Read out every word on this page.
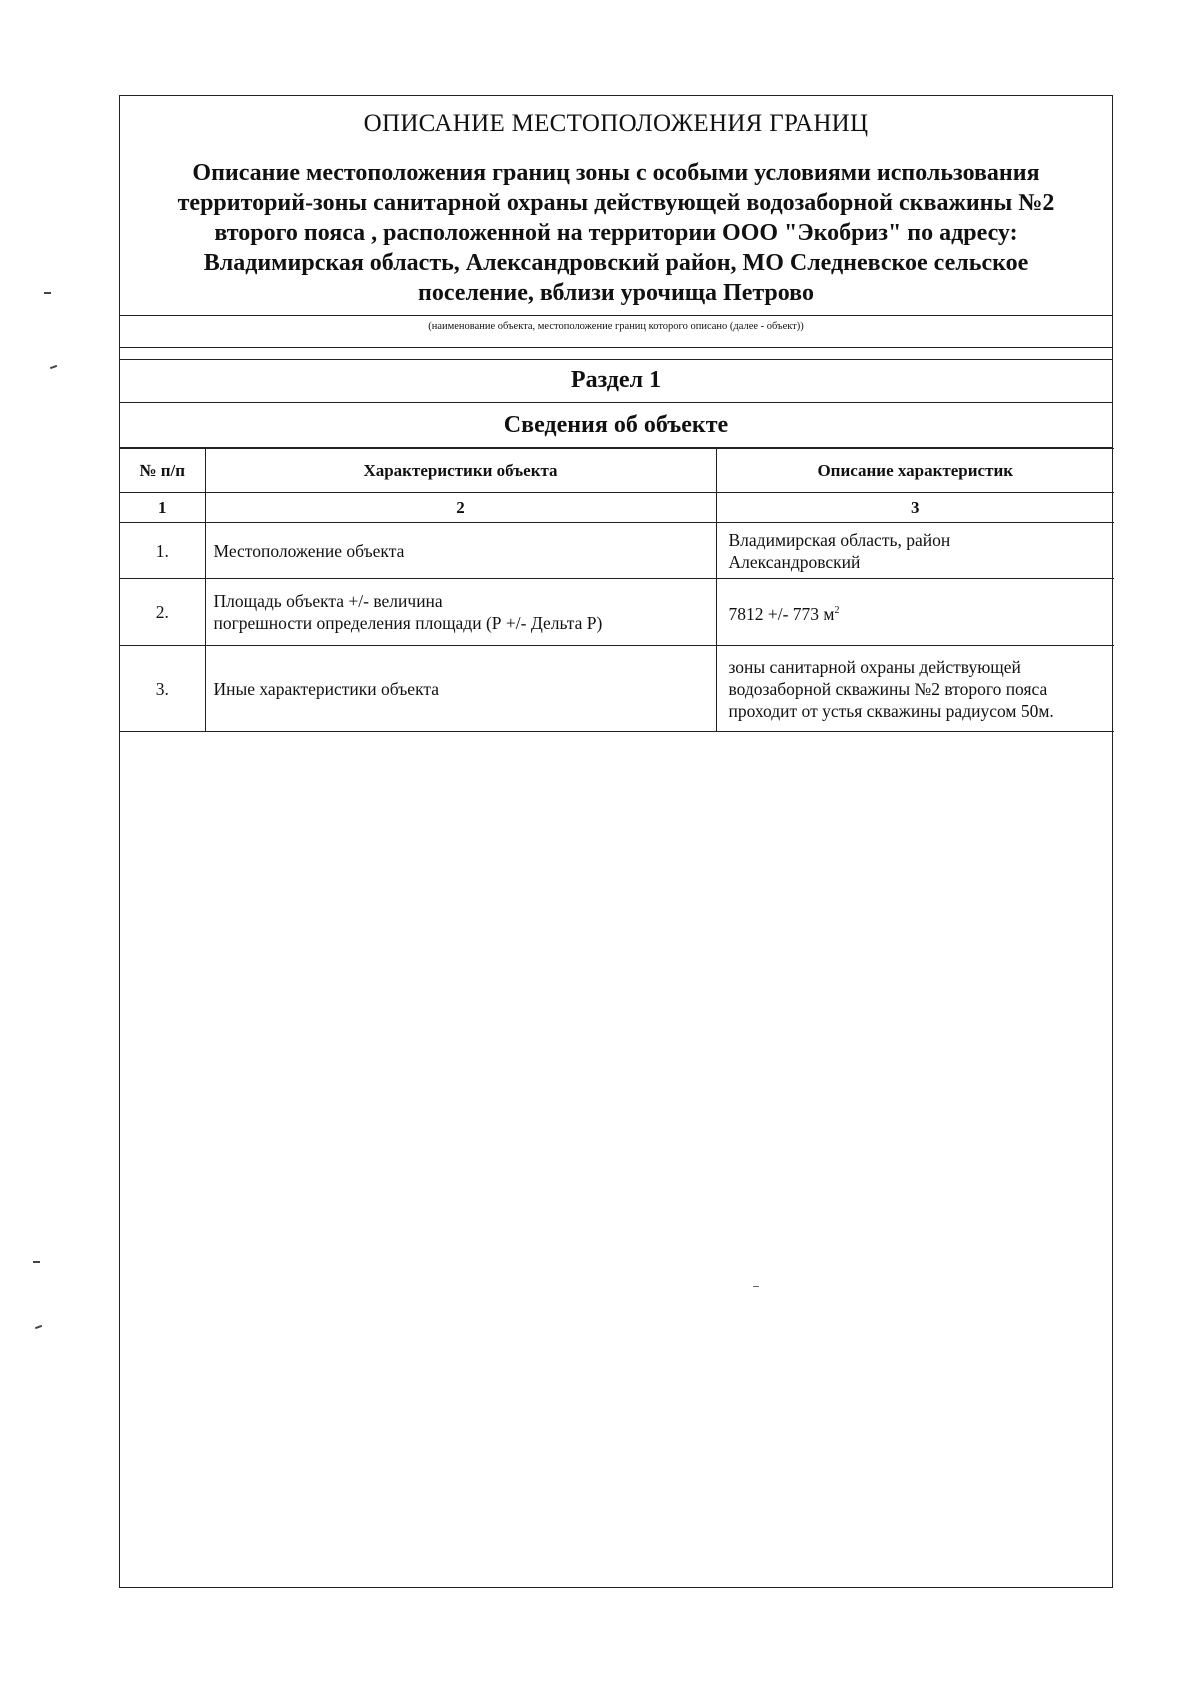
ОПИСАНИЕ МЕСТОПОЛОЖЕНИЯ ГРАНИЦ
Описание местоположения границ зоны с особыми условиями использования
территорий-зоны санитарной охраны действующей водозаборной скважины №2
второго пояса , расположенной на территории ООО "Экобриз" по адресу:
Владимирская область, Александровский район, МО Следневское сельское
поселение, вблизи урочища Петрово
(наименование объекта, местоположение границ которого описано (далее - объект))
Раздел 1
Сведения об объекте
№ п/п	Характеристики объекта	Описание характеристик
1	2	3
1.	Местоположение объекта	Владимирская область, район
Александровский

2.	Площадь объекта +/- величина
погрешности определения площади (Р +/- Дельта Р)	7812 +/- 773 $м^2$
3.	Иные характеристики объекта	зоны санитарной охраны действующей
водозаборной скважины №2 второго пояса
проходит от устья скважины радиусом 50м.
